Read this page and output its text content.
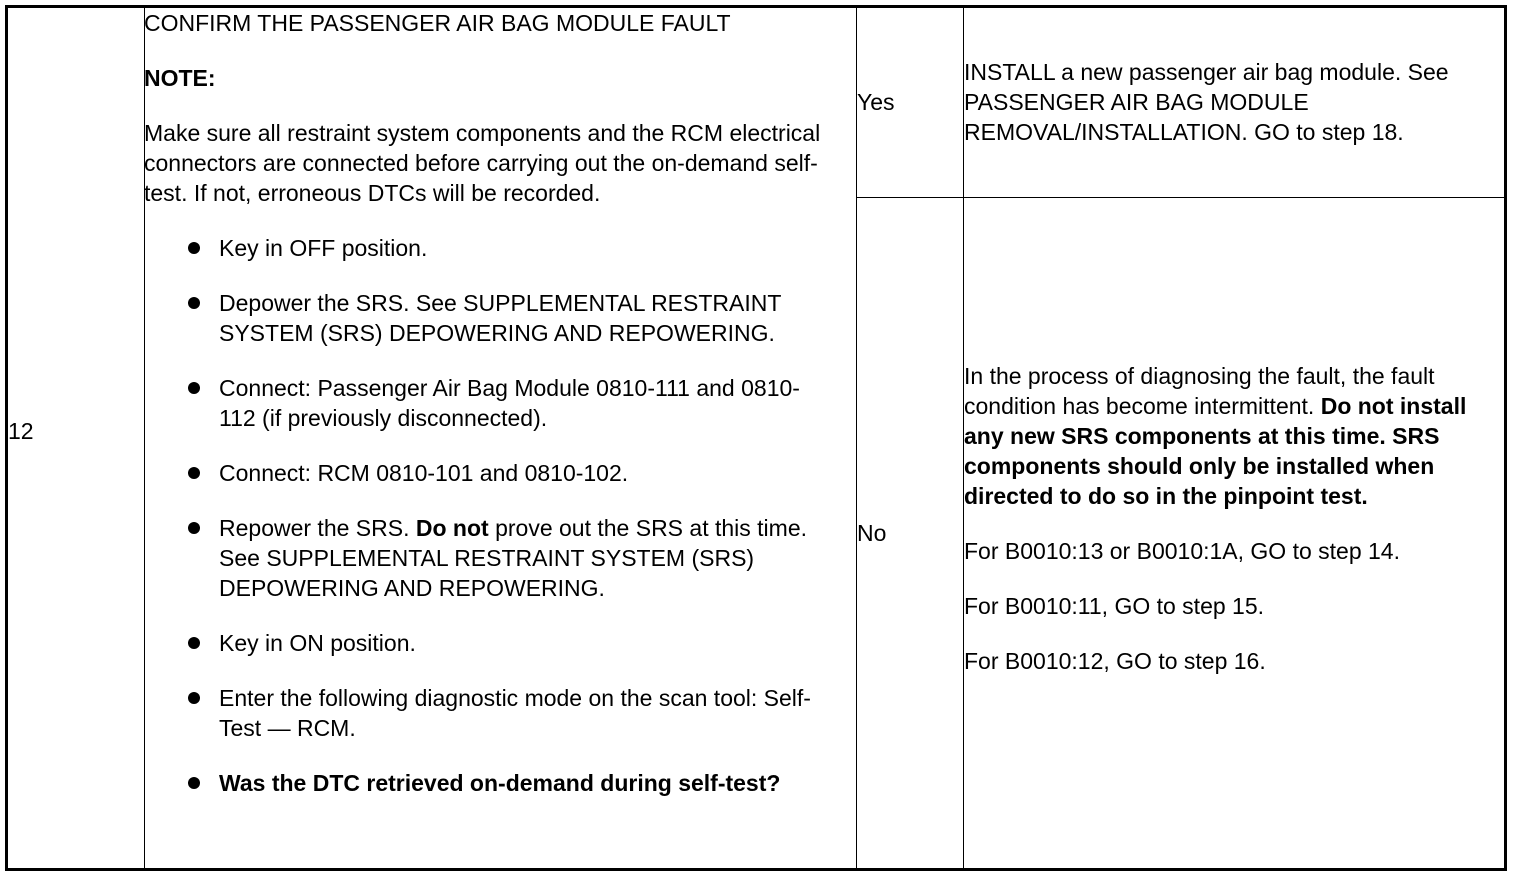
12

CONFIRM THE PASSENGER AIR BAG MODULE FAULT

NOTE:

Make sure all restraint system components and the RCM electrical connectors are connected before carrying out the on-demand self-test. If not, erroneous DTCs will be recorded.

Key in OFF position.
Depower the SRS. See SUPPLEMENTAL RESTRAINT SYSTEM (SRS) DEPOWERING AND REPOWERING.
Connect: Passenger Air Bag Module 0810-111 and 0810-112 (if previously disconnected).
Connect: RCM 0810-101 and 0810-102.
Repower the SRS. Do not prove out the SRS at this time. See SUPPLEMENTAL RESTRAINT SYSTEM (SRS) DEPOWERING AND REPOWERING.
Key in ON position.
Enter the following diagnostic mode on the scan tool: Self-Test — RCM.
Was the DTC retrieved on-demand during self-test?
Yes
INSTALL a new passenger air bag module. See PASSENGER AIR BAG MODULE REMOVAL/INSTALLATION. GO to step 18.
No

In the process of diagnosing the fault, the fault condition has become intermittent. Do not install any new SRS components at this time. SRS components should only be installed when directed to do so in the pinpoint test.

For B0010:13 or B0010:1A, GO to step 14.

For B0010:11, GO to step 15.

For B0010:12, GO to step 16.
